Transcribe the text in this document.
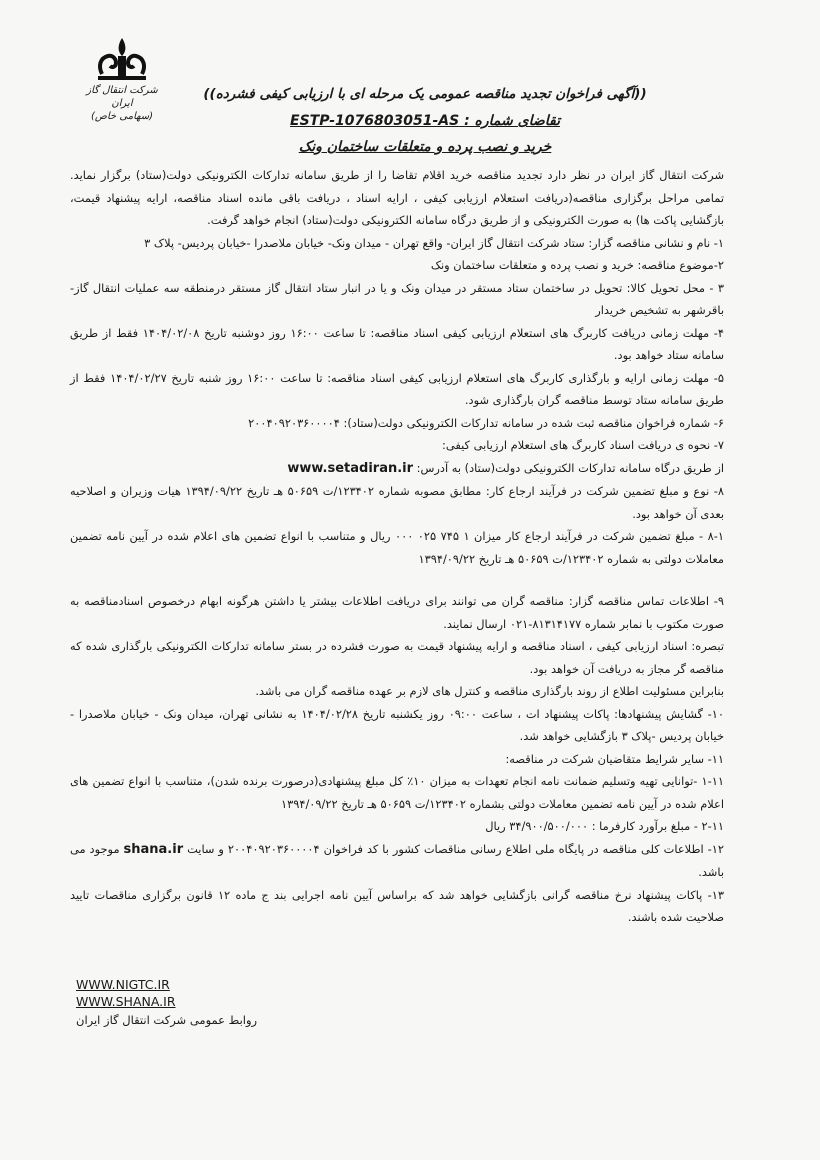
شرکت انتقال گاز ایران
(سهامی خاص)
((آگهی فراخوان تجدید مناقصه عمومی یک مرحله ای با ارزیابی کیفی فشرده))
تقاضای شماره : ESTP-1076803051-AS
خرید و نصب پرده و متعلقات ساختمان ونک

شرکت انتقال گاز ایران در نظر دارد تجدید مناقصه خرید اقلام تقاضا را از طریق سامانه تدارکات الکترونیکی دولت(ستاد) برگزار نماید. تمامی مراحل برگزاری مناقصه(دریافت استعلام ارزیابی کیفی ، ارایه اسناد ، دریافت باقی مانده اسناد مناقصه، ارایه پیشنهاد قیمت، بازگشایی پاکت ها) به صورت الکترونیکی و از طریق درگاه سامانه الکترونیکی دولت(ستاد) انجام خواهد گرفت.

۱- نام و نشانی مناقصه گزار: ستاد شرکت انتقال گاز ایران- واقع تهران - میدان ونک- خیابان ملاصدرا -خیابان پردیس- پلاک ۳

۲-موضوع مناقصه: خرید و نصب پرده و متعلقات ساختمان ونک

۳ - محل تحویل کالا: تحویل در ساختمان ستاد مستقر در میدان ونک و یا در انبار ستاد انتقال گاز مستقر درمنطقه سه عملیات انتقال گاز-باقرشهر به تشخیص خریدار

۴- مهلت زمانی دریافت کاربرگ های استعلام ارزیابی کیفی اسناد مناقصه: تا ساعت ۱۶:۰۰ روز دوشنبه تاریخ ۱۴۰۴/۰۲/۰۸ فقط از طریق سامانه ستاد خواهد بود.

۵- مهلت زمانی ارایه و بارگذاری کاربرگ های استعلام ارزیابی کیفی اسناد مناقصه: تا ساعت ۱۶:۰۰ روز شنبه تاریخ ۱۴۰۴/۰۲/۲۷ فقط از طریق سامانه ستاد توسط مناقصه گران بارگذاری شود.

۶- شماره فراخوان مناقصه ثبت شده در سامانه تدارکات الکترونیکی دولت(ستاد): ۲۰۰۴۰۹۲۰۳۶۰۰۰۰۴

۷- نحوه ی دریافت اسناد کاربرگ های استعلام ارزیابی کیفی:

از طریق درگاه سامانه تدارکات الکترونیکی دولت(ستاد) به آدرس: www.setadiran.ir

۸- نوع و مبلغ تضمین شرکت در فرآیند ارجاع کار: مطابق مصوبه شماره ۱۲۳۴۰۲/ت ۵۰۶۵۹ هـ تاریخ ۱۳۹۴/۰۹/۲۲ هیات وزیران و اصلاحیه بعدی آن خواهد بود.

۸-۱ - مبلغ تضمین شرکت در فرآیند ارجاع کار میزان ۱ ۷۴۵ ۰۲۵ ۰۰۰ ریال و متناسب با انواع تضمین های اعلام شده در آیین نامه تضمین معاملات دولتی به شماره ۱۲۳۴۰۲/ت ۵۰۶۵۹ هـ تاریخ ۱۳۹۴/۰۹/۲۲

۹- اطلاعات تماس مناقصه گزار: مناقصه گران می توانند برای دریافت اطلاعات بیشتر یا داشتن هرگونه ابهام درخصوص اسنادمناقصه به صورت مکتوب با نمابر شماره ۸۱۳۱۴۱۷۷-۰۲۱ ارسال نمایند.

تبصره: اسناد ارزیابی کیفی ، اسناد مناقصه و ارایه پیشنهاد قیمت به صورت فشرده در بستر سامانه تدارکات الکترونیکی بارگذاری شده که مناقصه گر مجاز به دریافت آن خواهد بود.

بنابراین مسئولیت اطلاع از روند بارگذاری مناقصه و کنترل های لازم بر عهده مناقصه گران می باشد.

۱۰- گشایش پیشنهادها: پاکات پیشنهاد ات ، ساعت ۰۹:۰۰ روز یکشنبه تاریخ ۱۴۰۴/۰۲/۲۸ به نشانی تهران، میدان ونک - خیابان ملاصدرا - خیابان پردیس -پلاک ۳ بازگشایی خواهد شد.

۱۱- سایر شرایط متقاضیان شرکت در مناقصه:

۱-۱۱ -توانایی تهیه وتسلیم ضمانت نامه انجام تعهدات به میزان ۱۰٪ کل مبلغ پیشنهادی(درصورت برنده شدن)، متناسب با انواع تضمین های اعلام شده در آیین نامه تضمین معاملات دولتی بشماره ۱۲۳۴۰۲/ت ۵۰۶۵۹ هـ تاریخ ۱۳۹۴/۰۹/۲۲

۲-۱۱ - مبلغ برآورد کارفرما : ۳۴/۹۰۰/۵۰۰/۰۰۰ ریال

۱۲- اطلاعات کلی مناقصه در پایگاه ملی اطلاع رسانی مناقصات کشور با کد فراخوان ۲۰۰۴۰۹۲۰۳۶۰۰۰۰۴ و سایت shana.ir موجود می باشد.

۱۳- پاکات پیشنهاد نرخ مناقصه گرانی بازگشایی خواهد شد که براساس آیین نامه اجرایی بند ج ماده ۱۲ قانون برگزاری مناقصات تایید صلاحیت شده باشند.

WWW.NIGTC.IR
WWW.SHANA.IR
روابط عمومی شرکت انتقال گاز ایران
